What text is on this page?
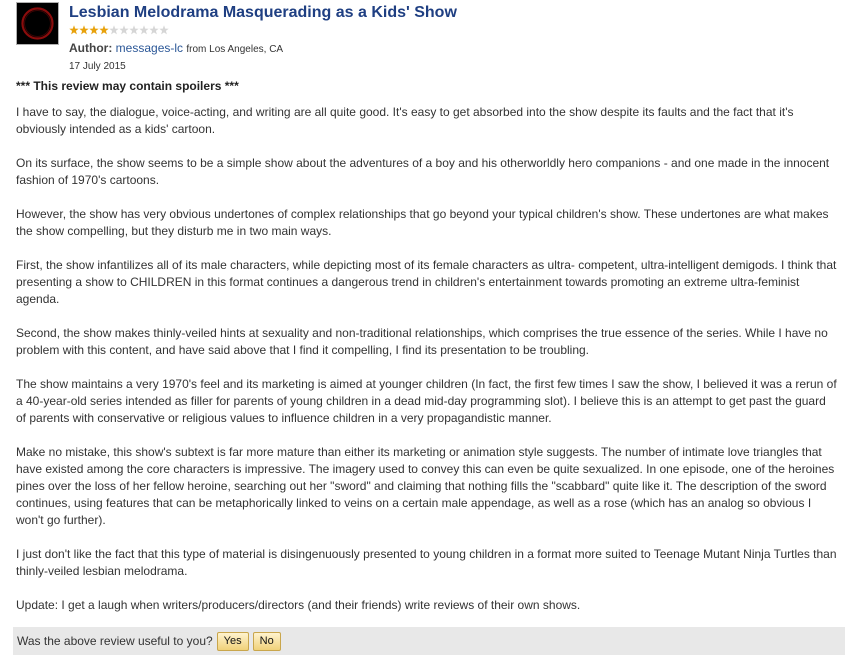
Lesbian Melodrama Masquerading as a Kids' Show
Author: messages-lc from Los Angeles, CA
17 July 2015

*** This review may contain spoilers ***

I have to say, the dialogue, voice-acting, and writing are all quite good. It's easy to get absorbed into the show despite its faults and the fact that it's obviously intended as a kids' cartoon.

On its surface, the show seems to be a simple show about the adventures of a boy and his otherworldly hero companions - and one made in the innocent fashion of 1970's cartoons.

However, the show has very obvious undertones of complex relationships that go beyond your typical children's show. These undertones are what makes the show compelling, but they disturb me in two main ways.

First, the show infantilizes all of its male characters, while depicting most of its female characters as ultra- competent, ultra-intelligent demigods. I think that presenting a show to CHILDREN in this format continues a dangerous trend in children's entertainment towards promoting an extreme ultra-feminist agenda.

Second, the show makes thinly-veiled hints at sexuality and non-traditional relationships, which comprises the true essence of the series. While I have no problem with this content, and have said above that I find it compelling, I find its presentation to be troubling.

The show maintains a very 1970's feel and its marketing is aimed at younger children (In fact, the first few times I saw the show, I believed it was a rerun of a 40-year-old series intended as filler for parents of young children in a dead mid-day programming slot). I believe this is an attempt to get past the guard of parents with conservative or religious values to influence children in a very propagandistic manner.

Make no mistake, this show's subtext is far more mature than either its marketing or animation style suggests. The number of intimate love triangles that have existed among the core characters is impressive. The imagery used to convey this can even be quite sexualized. In one episode, one of the heroines pines over the loss of her fellow heroine, searching out her "sword" and claiming that nothing fills the "scabbard" quite like it. The description of the sword continues, using features that can be metaphorically linked to veins on a certain male appendage, as well as a rose (which has an analog so obvious I won't go further).

I just don't like the fact that this type of material is disingenuously presented to young children in a format more suited to Teenage Mutant Ninja Turtles than thinly-veiled lesbian melodrama.

Update: I get a laugh when writers/producers/directors (and their friends) write reviews of their own shows.

Was the above review useful to you?	Yes	No
